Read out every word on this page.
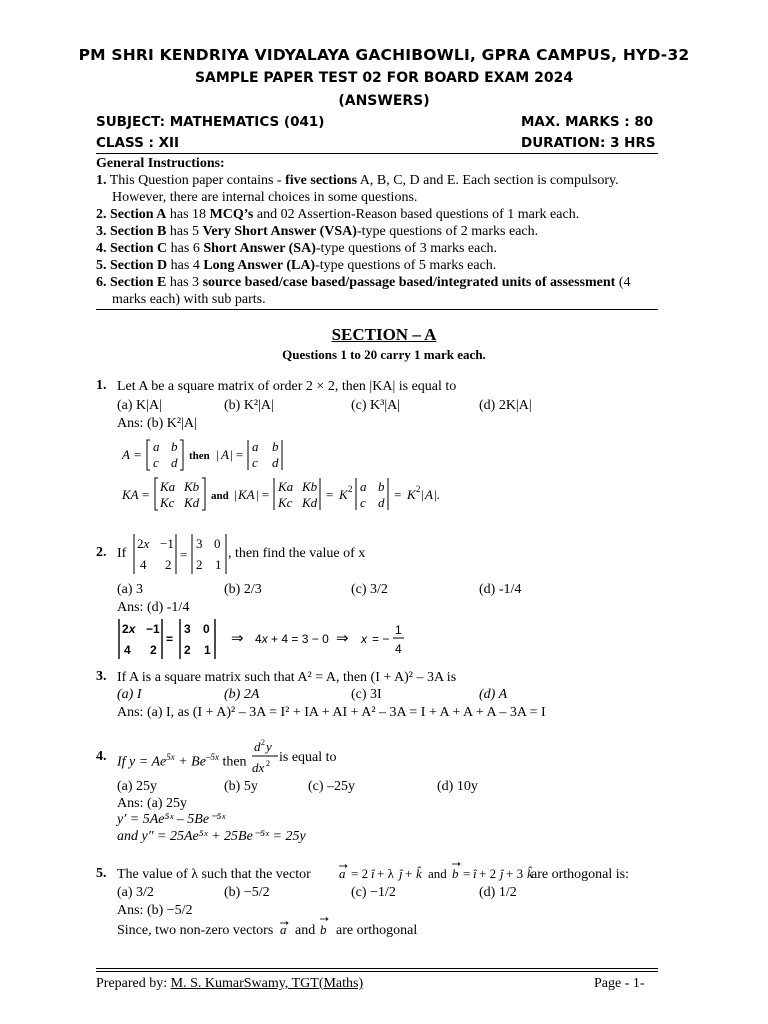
PM SHRI KENDRIYA VIDYALAYA GACHIBOWLI, GPRA CAMPUS, HYD-32
SAMPLE PAPER TEST 02 FOR BOARD EXAM 2024
(ANSWERS)
SUBJECT: MATHEMATICS (041)	MAX. MARKS : 80
CLASS : XII	DURATION: 3 HRS
General Instructions:
1. This Question paper contains - five sections A, B, C, D and E. Each section is compulsory.
However, there are internal choices in some questions.
2. Section A has 18 MCQ’s and 02 Assertion-Reason based questions of 1 mark each.
3. Section B has 5 Very Short Answer (VSA)-type questions of 2 marks each.
4. Section C has 6 Short Answer (SA)-type questions of 3 marks each.
5. Section D has 4 Long Answer (LA)-type questions of 5 marks each.
6. Section E has 3 source based/case based/passage based/integrated units of assessment (4
marks each) with sub parts.
SECTION – A
Questions 1 to 20 carry 1 mark each.
1. Let A be a square matrix of order 2 × 2, then |KA| is equal to
(a) K|A|	(b) K²|A|	(c) K³|A|	(d) 2K|A|
Ans: (b) K²|A|
A =
a b
c d then | A | =
a b
c d
KA =
Ka Kb
Kc Kd and | KA | =
Ka Kb
Kc Kd
= K 2 a b
c d
= K 2 | A |.
2. If
2x −1
4 2
=
3 0
2 1
, then find the value of x
(a) 3	(b) 2/3	(c) 3/2	(d) -1/4
Ans: (d) -1/4
2x −1
4 2
=
3 0
2 1
⇒ 4x + 4 = 3 − 0 ⇒ x = −
1
4
3. If A is a square matrix such that A² = A, then (I + A)² – 3A is
(a) I	(b) 2A	(c) 3I	(d) A
Ans: (a) I, as (I + A)² – 3A = I² + IA + AI + A² – 3A = I + A + A + A – 3A = I
4. If $y = Ae^{5x} + Be^{-5x}$ then
d 2 y
dx 2 is equal to
(a) 25y	(b) 5y	(c) –25y	(d) 10y
Ans: (a) 25y
y′ = 5Ae⁵ˣ – 5Be⁻⁵ˣ
and y″ = 25Ae⁵ˣ + 25Be⁻⁵ˣ = 25y
5. The value of λ such that the vector a = 2 î + λ ĵ + k̂ and b = î + 2 ĵ + 3 k̂
are orthogonal is:
(a) 3/2	(b) −5/2	(c) −1/2	(d) 1/2
Ans: (b) −5/2
Since, two non-zero vectors a and b are orthogonal
Prepared by: M. S. KumarSwamy, TGT(Maths)	Page - 1-
